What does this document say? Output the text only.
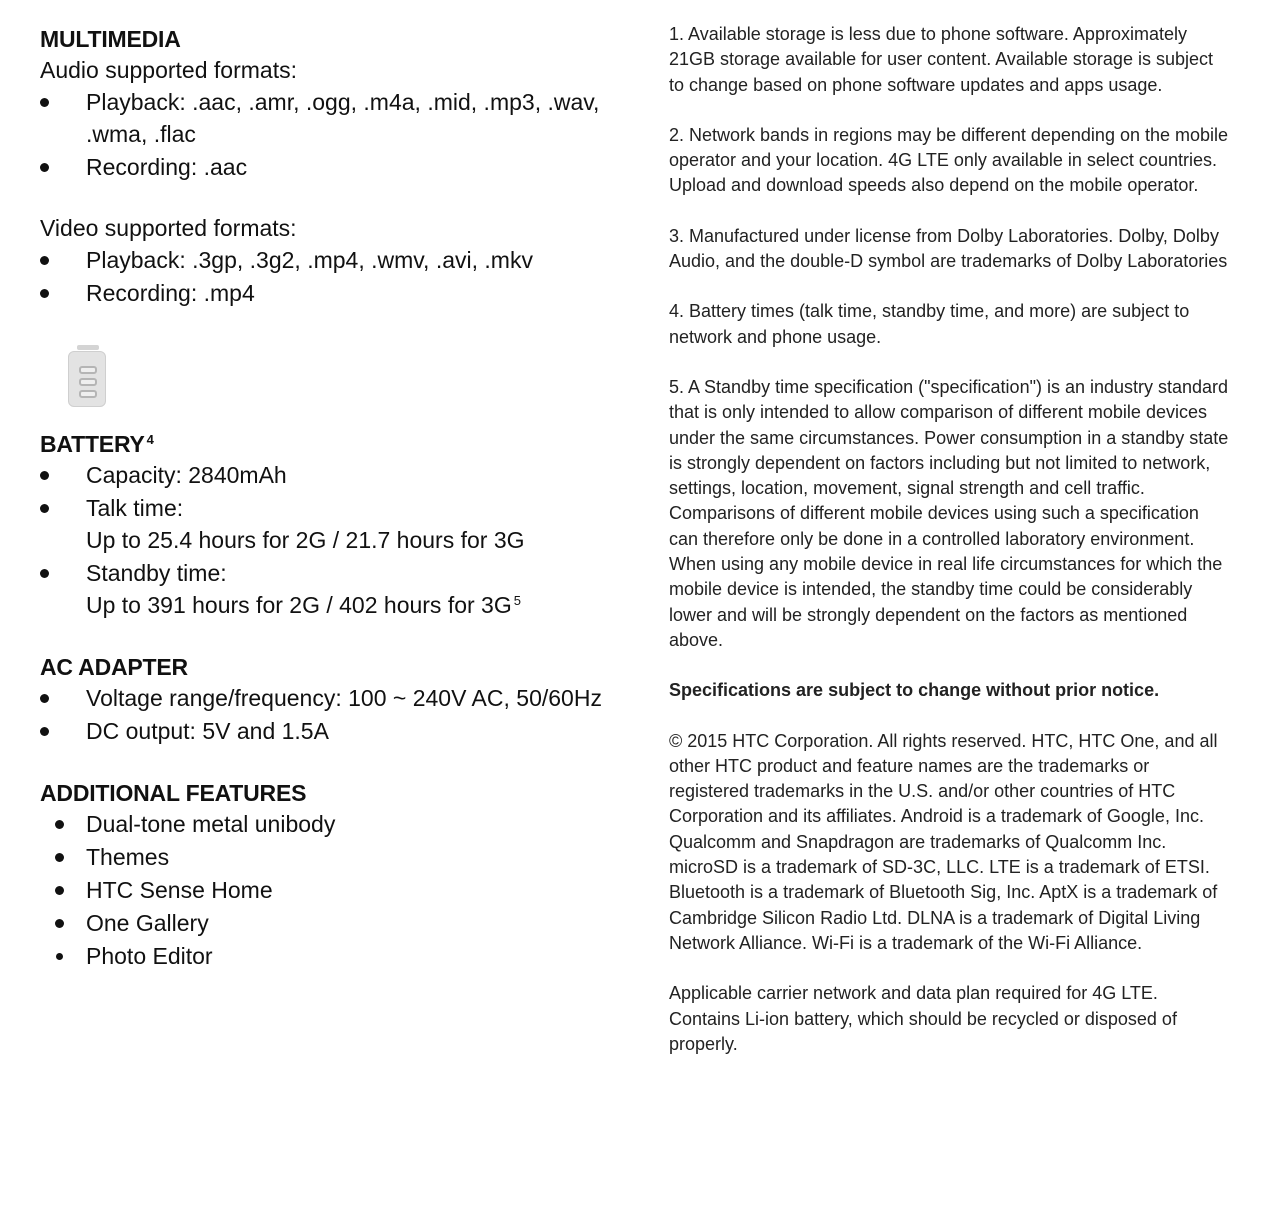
MULTIMEDIA

Audio supported formats:

Playback: .aac, .amr, .ogg, .m4a, .mid, .mp3, .wav, .wma, .flac
Recording: .aac

Video supported formats:

Playback: .3gp, .3g2, .mp4, .wmv, .avi, .mkv
Recording: .mp4
BATTERY $^4$
Capacity: 2840mAh
Talk time:
Up to 25.4 hours for 2G / 21.7 hours for 3G
Standby time:
Up to 391 hours for 2G / 402 hours for 3G $^5$
AC ADAPTER
Voltage range/frequency: 100 ~ 240V AC, 50/60Hz
DC output: 5V and 1.5A
ADDITIONAL FEATURES
Dual-tone metal unibody
Themes
HTC Sense Home
One Gallery
Photo Editor

1. Available storage is less due to phone software. Approximately 21GB storage available for user content. Available storage is subject to change based on phone software updates and apps usage.

2. Network bands in regions may be different depending on the mobile operator and your location. 4G LTE only available in select countries. Upload and download speeds also depend on the mobile operator.

3. Manufactured under license from Dolby Laboratories. Dolby, Dolby Audio, and the double-D symbol are trademarks of Dolby Laboratories

4. Battery times (talk time, standby time, and more) are subject to network and phone usage.

5. A Standby time specification ("specification") is an industry standard that is only intended to allow comparison of different mobile devices under the same circumstances. Power consumption in a standby state is strongly dependent on factors including but not limited to network, settings, location, movement, signal strength and cell traffic. Comparisons of different mobile devices using such a specification can therefore only be done in a controlled laboratory environment. When using any mobile device in real life circumstances for which the mobile device is intended, the standby time could be considerably lower and will be strongly dependent on the factors as mentioned above.

Specifications are subject to change without prior notice.

© 2015 HTC Corporation. All rights reserved. HTC, HTC One, and all other HTC product and feature names are the trademarks or registered trademarks in the U.S. and/or other countries of HTC Corporation and its affiliates. Android is a trademark of Google, Inc. Qualcomm and Snapdragon are trademarks of Qualcomm Inc. microSD is a trademark of SD-3C, LLC. LTE is a trademark of ETSI. Bluetooth is a trademark of Bluetooth Sig, Inc. AptX is a trademark of Cambridge Silicon Radio Ltd. DLNA is a trademark of Digital Living Network Alliance. Wi-Fi is a trademark of the Wi-Fi Alliance.

Applicable carrier network and data plan required for 4G LTE. Contains Li-ion battery, which should be recycled or disposed of properly.
